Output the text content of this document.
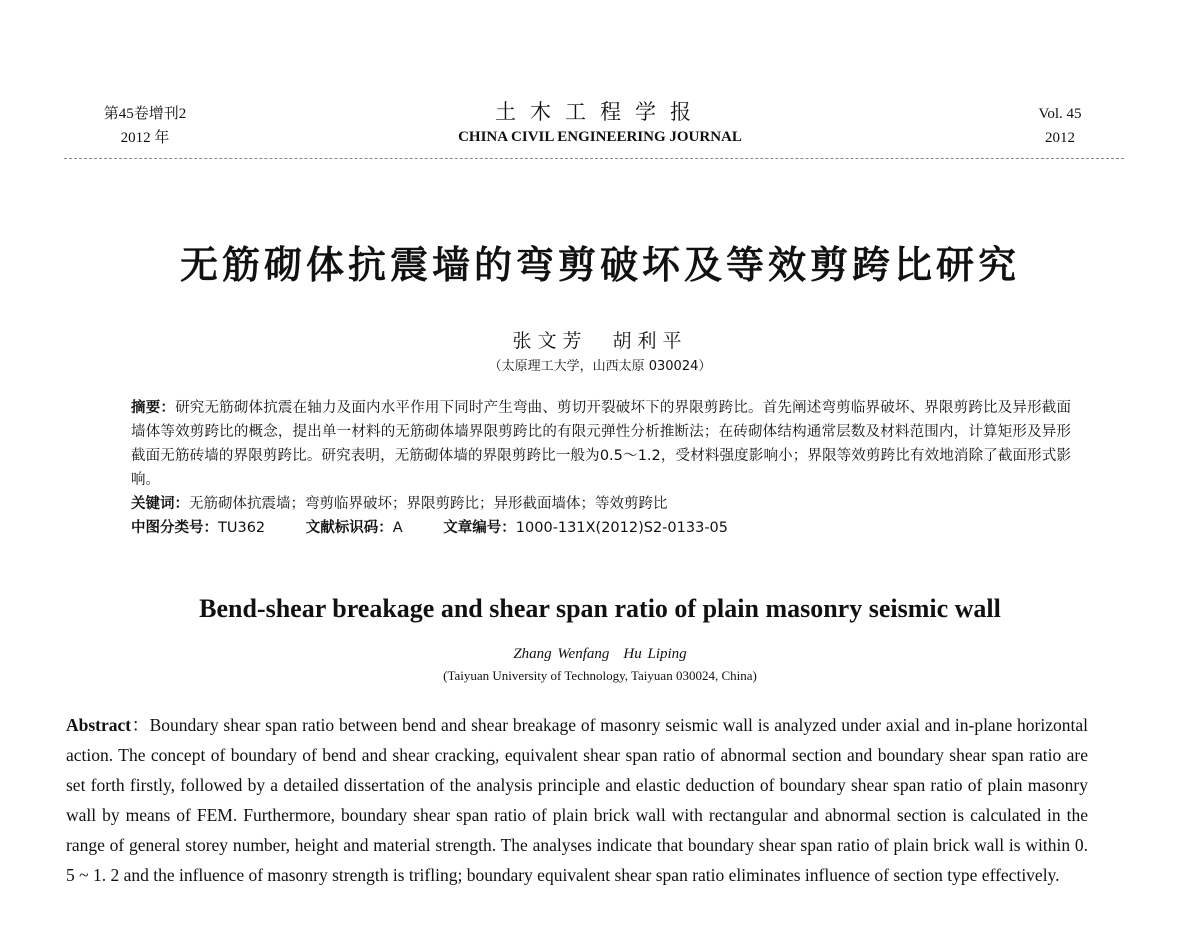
第45卷增刊2
2012 年
土木工程学报
CHINA CIVIL ENGINEERING JOURNAL
Vol. 45
2012
无筋砌体抗震墙的弯剪破坏及等效剪跨比研究
张文芳　胡利平
（太原理工大学，山西太原 030024）

摘要：研究无筋砌体抗震在轴力及面内水平作用下同时产生弯曲、剪切开裂破坏下的界限剪跨比。首先阐述弯剪临界破坏、界限剪跨比及异形截面墙体等效剪跨比的概念，提出单一材料的无筋砌体墙界限剪跨比的有限元弹性分析推断法；在砖砌体结构通常层数及材料范围内，计算矩形及异形截面无筋砖墙的界限剪跨比。研究表明，无筋砌体墙的界限剪跨比一般为0.5～1.2，受材料强度影响小；界限等效剪跨比有效地消除了截面形式影响。

关键词：无筋砌体抗震墙；弯剪临界破坏；界限剪跨比；异形截面墙体；等效剪跨比

中图分类号：TU362	文献标识码：A	文章编号：1000-131X(2012)S2-0133-05

Bend-shear breakage and shear span ratio of plain masonry seismic wall
Zhang Wenfang Hu Liping
(Taiyuan University of Technology, Taiyuan 030024, China)
Abstract：Boundary shear span ratio between bend and shear breakage of masonry seismic wall is analyzed under axial and in-plane horizontal action. The concept of boundary of bend and shear cracking, equivalent shear span ratio of abnormal section and boundary shear span ratio are set forth firstly, followed by a detailed dissertation of the analysis principle and elastic deduction of boundary shear span ratio of plain masonry wall by means of FEM. Furthermore, boundary shear span ratio of plain brick wall with rectangular and abnormal section is calculated in the range of general storey number, height and material strength. The analyses indicate that boundary shear span ratio of plain brick wall is within 0. 5 ~ 1. 2 and the influence of masonry strength is trifling; boundary equivalent shear span ratio eliminates influence of section type effectively.
